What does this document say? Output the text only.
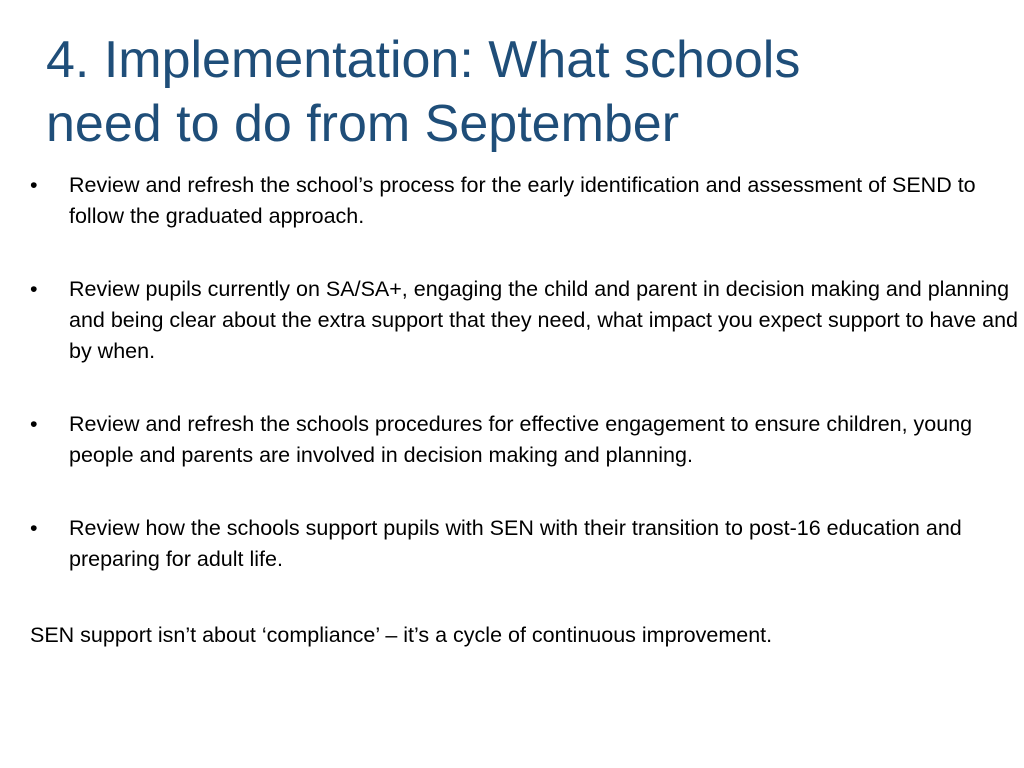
4. Implementation: What schools
need to do from September
• Review and refresh the school’s process for the early identification and assessment of SEND to follow the graduated approach.
• Review pupils currently on SA/SA+, engaging the child and parent in decision making and planning and being clear about the extra support that they need, what impact you expect support to have and by when.
• Review and refresh the schools procedures for effective engagement to ensure children, young people and parents are involved in decision making and planning.
• Review how the schools support pupils with SEN with their transition to post-16 education and preparing for adult life.

SEN support isn’t about ‘compliance’ – it’s a cycle of continuous improvement.
